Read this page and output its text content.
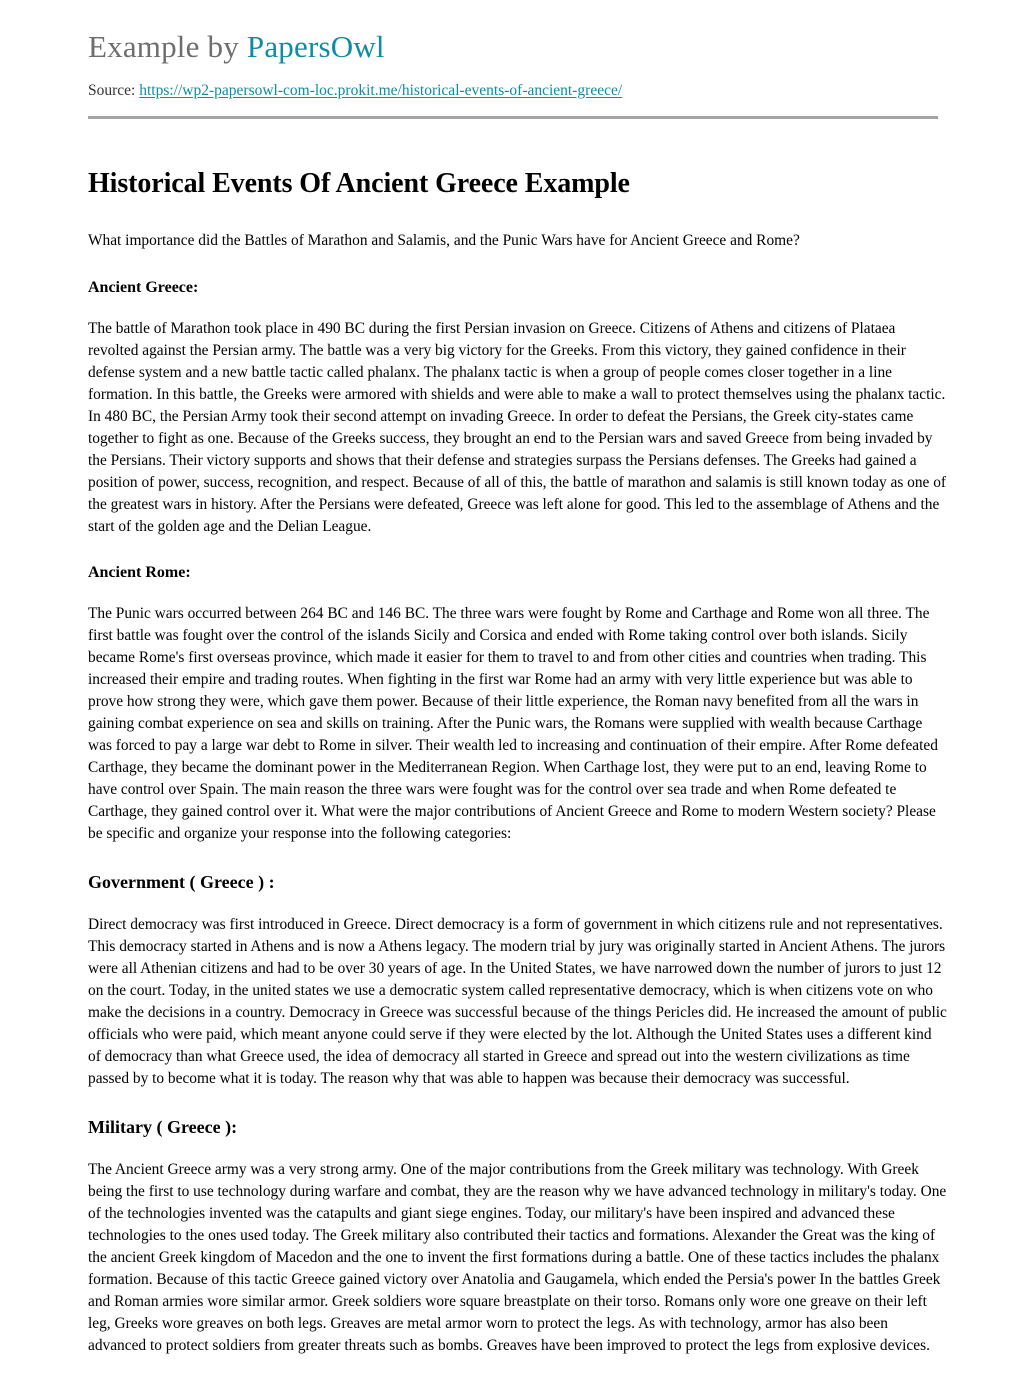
Example by PapersOwl
Source: https://wp2-papersowl-com-loc.prokit.me/historical-events-of-ancient-greece/
Historical Events Of Ancient Greece Example

What importance did the Battles of Marathon and Salamis, and the Punic Wars have for Ancient Greece and Rome?

Ancient Greece:

The battle of Marathon took place in 490 BC during the first Persian invasion on Greece. Citizens of Athens and citizens of Plataea revolted against the Persian army. The battle was a very big victory for the Greeks. From this victory, they gained confidence in their defense system and a new battle tactic called phalanx. The phalanx tactic is when a group of people comes closer together in a line formation. In this battle, the Greeks were armored with shields and were able to make a wall to protect themselves using the phalanx tactic. In 480 BC, the Persian Army took their second attempt on invading Greece. In order to defeat the Persians, the Greek city-states came together to fight as one. Because of the Greeks success, they brought an end to the Persian wars and saved Greece from being invaded by the Persians. Their victory supports and shows that their defense and strategies surpass the Persians defenses. The Greeks had gained a position of power, success, recognition, and respect. Because of all of this, the battle of marathon and salamis is still known today as one of the greatest wars in history. After the Persians were defeated, Greece was left alone for good. This led to the assemblage of Athens and the start of the golden age and the Delian League.

Ancient Rome:

The Punic wars occurred between 264 BC and 146 BC. The three wars were fought by Rome and Carthage and Rome won all three. The first battle was fought over the control of the islands Sicily and Corsica and ended with Rome taking control over both islands. Sicily became Rome's first overseas province, which made it easier for them to travel to and from other cities and countries when trading. This increased their empire and trading routes. When fighting in the first war Rome had an army with very little experience but was able to prove how strong they were, which gave them power. Because of their little experience, the Roman navy benefited from all the wars in gaining combat experience on sea and skills on training. After the Punic wars, the Romans were supplied with wealth because Carthage was forced to pay a large war debt to Rome in silver. Their wealth led to increasing and continuation of their empire. After Rome defeated Carthage, they became the dominant power in the Mediterranean Region. When Carthage lost, they were put to an end, leaving Rome to have control over Spain. The main reason the three wars were fought was for the control over sea trade and when Rome defeated te Carthage, they gained control over it. What were the major contributions of Ancient Greece and Rome to modern Western society? Please be specific and organize your response into the following categories:

Government ( Greece ) :

Direct democracy was first introduced in Greece. Direct democracy is a form of government in which citizens rule and not representatives. This democracy started in Athens and is now a Athens legacy. The modern trial by jury was originally started in Ancient Athens. The jurors were all Athenian citizens and had to be over 30 years of age. In the United States, we have narrowed down the number of jurors to just 12 on the court. Today, in the united states we use a democratic system called representative democracy, which is when citizens vote on who make the decisions in a country. Democracy in Greece was successful because of the things Pericles did. He increased the amount of public officials who were paid, which meant anyone could serve if they were elected by the lot. Although the United States uses a different kind of democracy than what Greece used, the idea of democracy all started in Greece and spread out into the western civilizations as time passed by to become what it is today. The reason why that was able to happen was because their democracy was successful.

Military ( Greece ):

The Ancient Greece army was a very strong army. One of the major contributions from the Greek military was technology. With Greek being the first to use technology during warfare and combat, they are the reason why we have advanced technology in military's today. One of the technologies invented was the catapults and giant siege engines. Today, our military's have been inspired and advanced these technologies to the ones used today. The Greek military also contributed their tactics and formations. Alexander the Great was the king of the ancient Greek kingdom of Macedon and the one to invent the first formations during a battle. One of these tactics includes the phalanx formation. Because of this tactic Greece gained victory over Anatolia and Gaugamela, which ended the Persia's power In the battles Greek and Roman armies wore similar armor. Greek soldiers wore square breastplate on their torso. Romans only wore one greave on their left leg, Greeks wore greaves on both legs. Greaves are metal armor worn to protect the legs. As with technology, armor has also been advanced to protect soldiers from greater threats such as bombs. Greaves have been improved to protect the legs from explosive devices.
